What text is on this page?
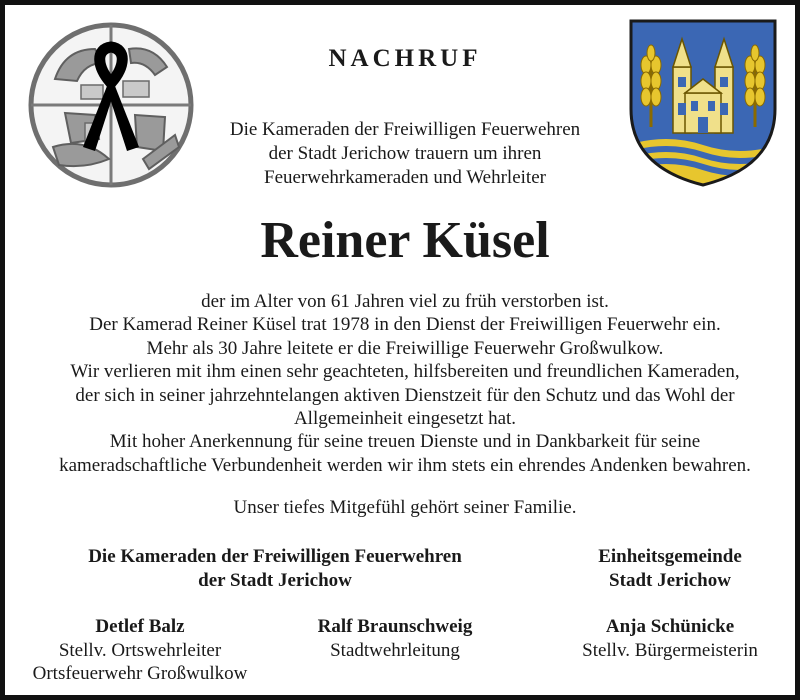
NACHRUF
Die Kameraden der Freiwilligen Feuerwehren
der Stadt Jerichow trauern um ihren
Feuerwehrkameraden und Wehrleiter
Reiner Küsel
der im Alter von 61 Jahren viel zu früh verstorben ist.
Der Kamerad Reiner Küsel trat 1978 in den Dienst der Freiwilligen Feuerwehr ein.
Mehr als 30 Jahre leitete er die Freiwillige Feuerwehr Großwulkow.
Wir verlieren mit ihm einen sehr geachteten, hilfsbereiten und freundlichen Kameraden,
der sich in seiner jahrzehntelangen aktiven Dienstzeit für den Schutz und das Wohl der
Allgemeinheit eingesetzt hat.
Mit hoher Anerkennung für seine treuen Dienste und in Dankbarkeit für seine
kameradschaftliche Verbundenheit werden wir ihm stets ein ehrendes Andenken bewahren.
Unser tiefes Mitgefühl gehört seiner Familie.
Die Kameraden der Freiwilligen Feuerwehren
der Stadt Jerichow
Einheitsgemeinde
Stadt Jerichow
Detlef Balz
Stellv. Ortswehrleiter
Ortsfeuerwehr Großwulkow
Ralf Braunschweig
Stadtwehrleitung
Anja Schünicke
Stellv. Bürgermeisterin
